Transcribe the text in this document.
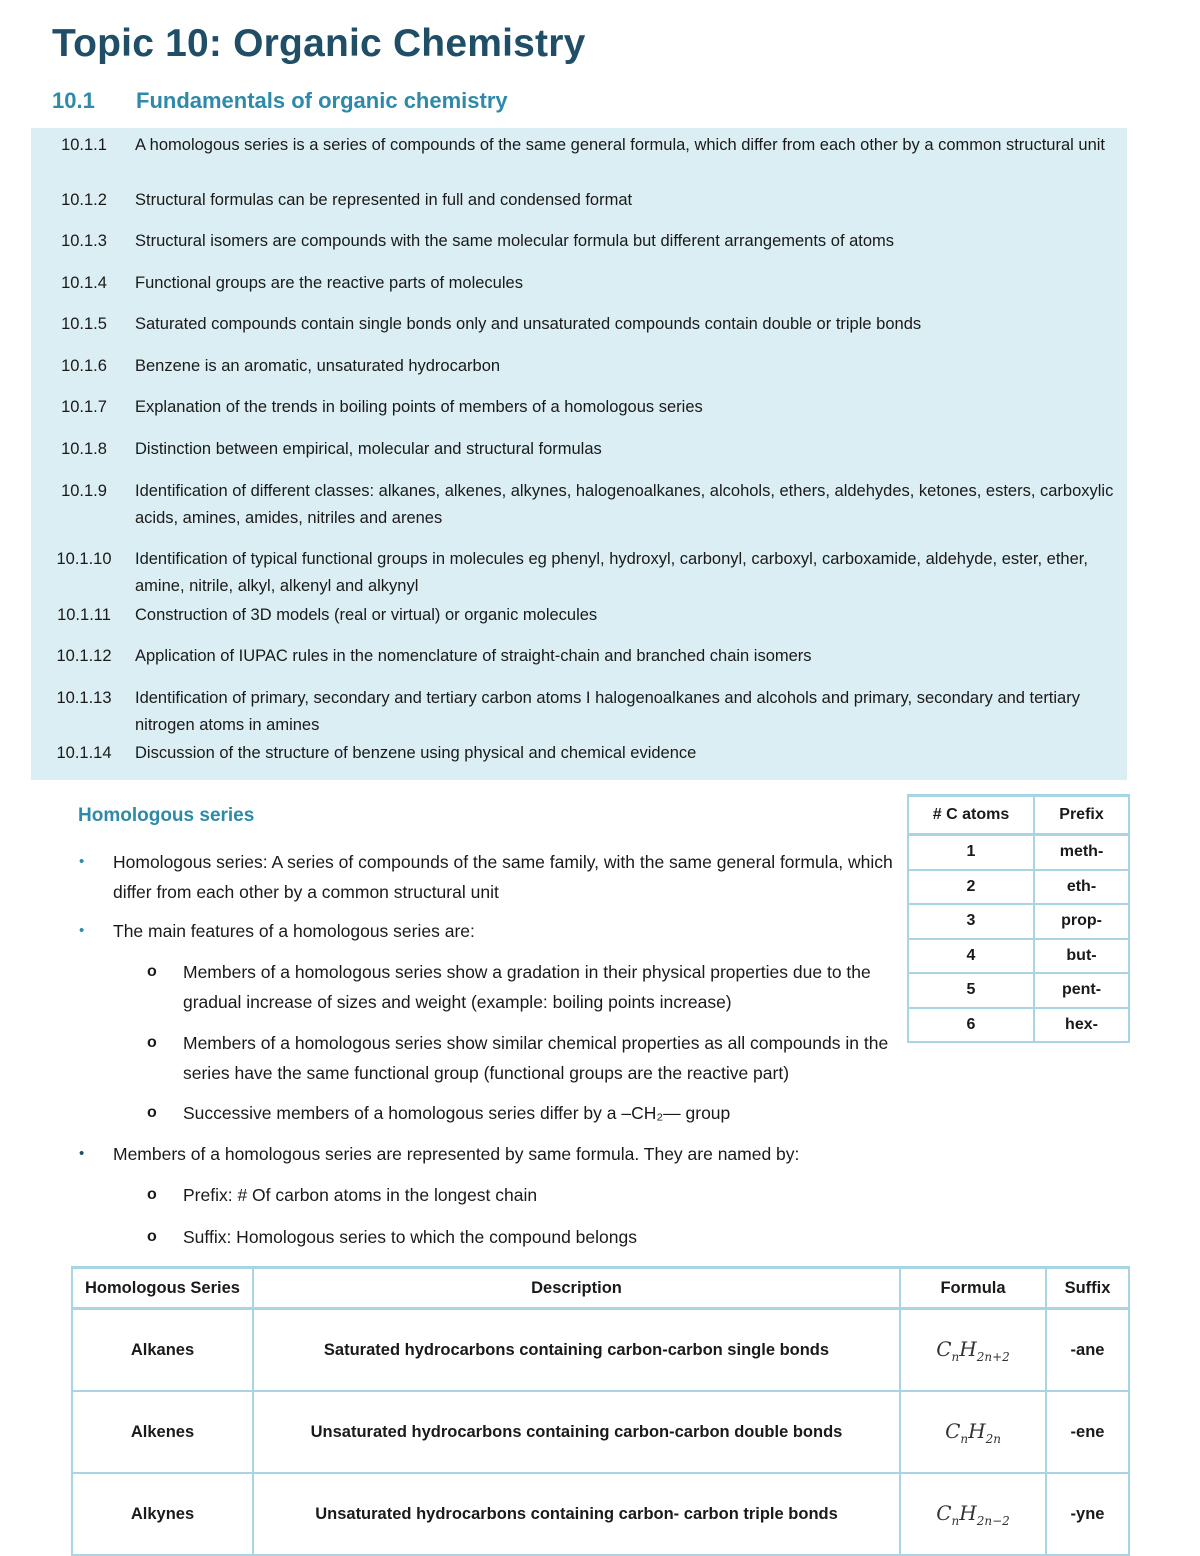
Topic 10: Organic Chemistry
10.1 Fundamentals of organic chemistry
10.1.1	A homologous series is a series of compounds of the same general formula, which differ from each other by a common structural unit
10.1.2	Structural formulas can be represented in full and condensed format
10.1.3	Structural isomers are compounds with the same molecular formula but different arrangements of atoms
10.1.4	Functional groups are the reactive parts of molecules
10.1.5	Saturated compounds contain single bonds only and unsaturated compounds contain double or triple bonds
10.1.6	Benzene is an aromatic, unsaturated hydrocarbon
10.1.7	Explanation of the trends in boiling points of members of a homologous series
10.1.8	Distinction between empirical, molecular and structural formulas
10.1.9	Identification of different classes: alkanes, alkenes, alkynes, halogenoalkanes, alcohols, ethers, aldehydes, ketones, esters, carboxylic acids, amines, amides, nitriles and arenes
10.1.10	Identification of typical functional groups in molecules eg phenyl, hydroxyl, carbonyl, carboxyl, carboxamide, aldehyde, ester, ether, amine, nitrile, alkyl, alkenyl and alkynyl
10.1.11	Construction of 3D models (real or virtual) or organic molecules
10.1.12	Application of IUPAC rules in the nomenclature of straight-chain and branched chain isomers
10.1.13	Identification of primary, secondary and tertiary carbon atoms I halogenoalkanes and alcohols and primary, secondary and tertiary nitrogen atoms in amines
10.1.14	Discussion of the structure of benzene using physical and chemical evidence
Homologous series
• Homologous series: A series of compounds of the same family, with the same general formula, which differ from each other by a common structural unit
• The main features of a homologous series are:
o Members of a homologous series show a gradation in their physical properties due to the gradual increase of sizes and weight (example: boiling points increase)
o Members of a homologous series show similar chemical properties as all compounds in the series have the same functional group (functional groups are the reactive part)
o Successive members of a homologous series differ by a –CH₂— group
• Members of a homologous series are represented by same formula. They are named by:
o Prefix: # Of carbon atoms in the longest chain
o Suffix: Homologous series to which the compound belongs
# C atoms	Prefix
1	meth-
2	eth-
3	prop-
4	but-
5	pent-
6	hex-
Homologous Series	Description	Formula	Suffix
Alkanes	Saturated hydrocarbons containing carbon-carbon single bonds	$C_nH_{2n+2}$	-ane
Alkenes	Unsaturated hydrocarbons containing carbon-carbon double bonds	$C_nH_{2n}$	-ene
Alkynes	Unsaturated hydrocarbons containing carbon- carbon triple bonds	$C_nH_{2n-2}$	-yne
